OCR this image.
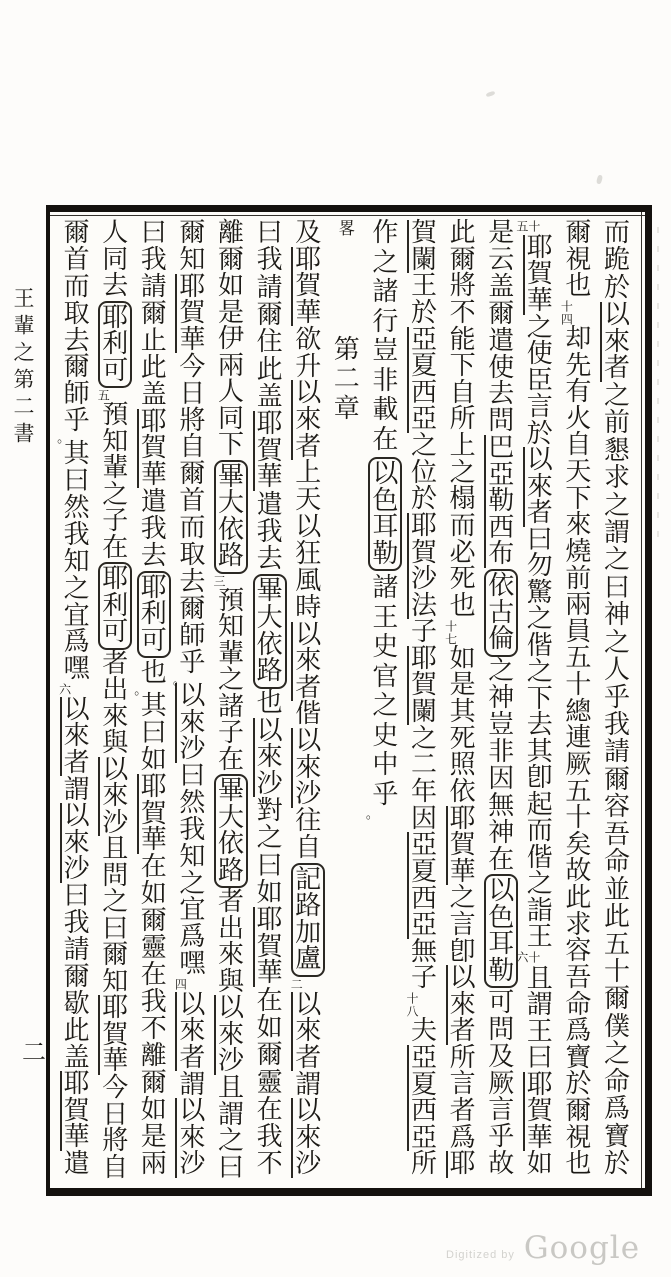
而
跪
於
以
來
者
之
前
懇
求
之
謂
之
曰
神
之
人
乎
我
請
爾
容
吾
命
並
此
五
十
爾
僕
之
命
爲
寶
於
爾
視
也
十四
却
先
有
火
自
天
下
來
燒
前
兩
員
五
十
總
連
厥
五
十
矣
故
此
求
容
吾
命
爲
寶
於
爾
視
也
十五
耶
賀
華
之
使
臣
言
於
以
來
者
曰
勿
驚
之
偕
之
下
去
其
卽
起
而
偕
之
詣
王
十六
且
謂
王
曰
耶
賀
華
如
是
云
盖
爾
遣
使
去
問
巴
亞
勒
西
布
依
古
倫
之
神
豈
非
因
無
神
在
以
色
耳
勒
可
問
及
厥
言
乎
故
此
爾
將
不
能
下
自
所
上
之
榻
而
必
死
也
十七
如
是
其
死
照
依
耶
賀
華
之
言
卽
以
來
者
所
言
者
爲
耶
賀
闌
王
於
亞
夏
西
亞
之
位
於
耶
賀
沙
法
子
耶
賀
闌
之
二
年
因
亞
夏
西
亞
無
子
十八
夫
亞
夏
西
亞
所
作
之
諸
行
豈
非
載
在
以
色
耳
勒
諸
王
史
官
之
史
中
乎
。
畧
第
二
章
及
耶
賀
華
欲
升
以
來
者
上
天
以
狂
風
時
以
來
者
偕
以
來
沙
往
自
記
路
加
盧
二
以
來
者
謂
以
來
沙
曰
我
請
爾
住
此
盖
耶
賀
華
遣
我
去
畢
大
依
路
也
以
來
沙
對
之
曰
如
耶
賀
華
在
如
爾
靈
在
我
不
離
爾
如
是
伊
兩
人
同
下
畢
大
依
路
三
預
知
輩
之
諸
子
在
畢
大
依
路
者
出
來
與
以
來
沙
且
謂
之
曰
爾
知
耶
賀
華
今
日
將
自
爾
首
而
取
去
爾
師
乎
。
以
來
沙
曰
然
我
知
之
宜
爲
嘿
四
以
來
者
謂
以
來
沙
曰
我
請
爾
止
此
盖
耶
賀
華
遣
我
去
耶
利
可
也
。
其
曰
如
耶
賀
華
在
如
爾
靈
在
我
不
離
爾
如
是
兩
人
同
去
耶
利
可
五
預
知
輩
之
子
在
耶
利
可
者
出
來
與
以
來
沙
且
問
之
曰
爾
知
耶
賀
華
今
日
將
自
爾
首
而
取
去
爾
師
乎
。
其
曰
然
我
知
之
宜
爲
嘿
六
以
來
者
謂
以
來
沙
曰
我
請
爾
歇
此
盖
耶
賀
華
遣
王輩之第二書
二
Digitized by Google
